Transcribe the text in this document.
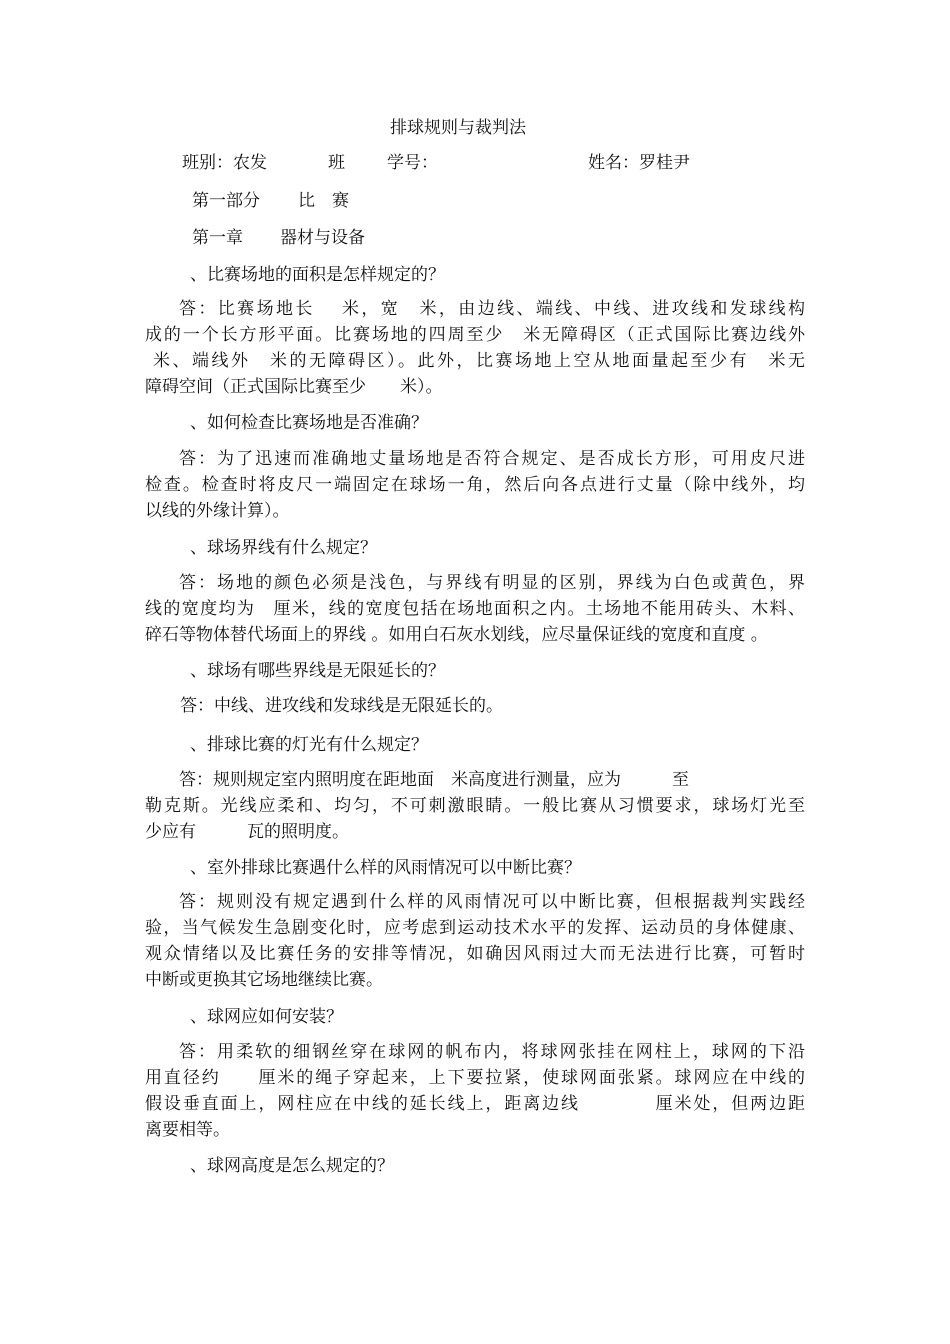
排球规则与裁判法
班别：农发	班 学号：	姓名：罗桂尹
第一部分 比　赛
第一章 器材与设备
、比赛场地的面积是怎样规定的？
答：比赛场地长　 米，宽　米，由边线、端线、中线、进攻线和发球线构
成的一个长方形平面。比赛场地的四周至少　米无障碍区（正式国际比赛边线外
米、端线外　米的无障碍区）。此外，比赛场地上空从地面量起至少有　米无
障碍空间（正式国际比赛至少　　米）。
、如何检查比赛场地是否准确？
答：为了迅速而准确地丈量场地是否符合规定、是否成长方形，可用皮尺进
检查。检查时将皮尺一端固定在球场一角，然后向各点进行丈量（除中线外，均
以线的外缘计算）。
、球场界线有什么规定？
答：场地的颜色必须是浅色，与界线有明显的区别，界线为白色或黄色，界
线的宽度均为　厘米，线的宽度包括在场地面积之内。土场地不能用砖头、木料、
碎石等物体替代场面上的界线 。如用白石灰水划线，应尽量保证线的宽度和直度 。
、球场有哪些界线是无限延长的？
答：中线、进攻线和发球线是无限延长的。
、排球比赛的灯光有什么规定？
答：规则规定室内照明度在距地面　米高度进行测量，应为　　　至
勒克斯。光线应柔和、均匀，不可刺激眼睛。一般比赛从习惯要求，球场灯光至
少应有　　　瓦的照明度。
、室外排球比赛遇什么样的风雨情况可以中断比赛？
答：规则没有规定遇到什么样的风雨情况可以中断比赛，但根据裁判实践经
验，当气候发生急剧变化时，应考虑到运动技术水平的发挥、运动员的身体健康、
观众情绪以及比赛任务的安排等情况，如确因风雨过大而无法进行比赛，可暂时
中断或更换其它场地继续比赛。
、球网应如何安装？
答：用柔软的细钢丝穿在球网的帆布内，将球网张挂在网柱上，球网的下沿
用直径约　　厘米的绳子穿起来，上下要拉紧，使球网面张紧。球网应在中线的
假设垂直面上，网柱应在中线的延长线上，距离边线　　　　厘米处，但两边距
离要相等。
、球网高度是怎么规定的？
